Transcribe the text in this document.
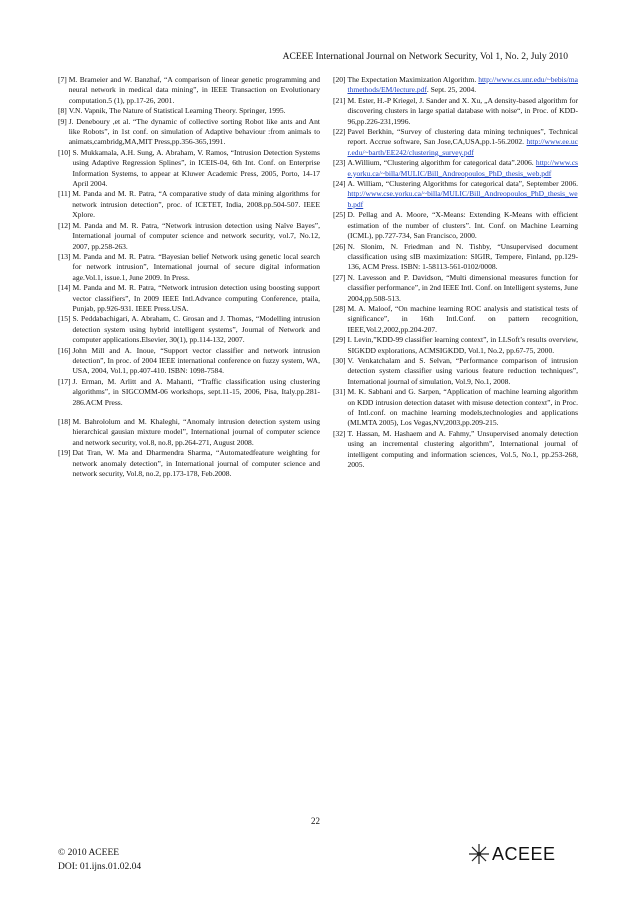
ACEEE International Journal on Network Security, Vol 1, No. 2, July 2010
[7] M. Brameier and W. Banzhaf, “A comparison of linear genetic programming and neural network in medical data mining”, in IEEE Transaction on Evolutionary computation.5 (1), pp.17-26, 2001.
[8] V.N. Vapnik, The Nature of Statistical Learning Theory. Springer, 1995.
[9] J. Deneboury ,et al. “The dynamic of collective sorting Robot like ants and Ant like Robots”, in 1st conf. on simulation of Adaptive behaviour :from animals to animats,cambridg,MA,MIT Press,pp.356-365,1991.
[10] S. Mukkamala, A.H. Sung, A. Abraham, V. Ramos, “Intrusion Detection Systems using Adaptive Regression Splines”, in ICEIS-04, 6th Int. Conf. on Enterprise Information Systems, to appear at Kluwer Academic Press, 2005, Porto, 14-17 April 2004.
[11] M. Panda and M. R. Patra, “A comparative study of data mining algorithms for network intrusion detection”, proc. of ICETET, India, 2008.pp.504-507. IEEE Xplore.
[12] M. Panda and M. R. Patra, “Network intrusion detection using Naïve Bayes”, International journal of computer science and network security, vol.7, No.12, 2007, pp.258-263.
[13] M. Panda and M. R. Patra. “Bayesian belief Network using genetic local search for network intrusion”, International journal of secure digital information age.Vol.1, issue.1, June 2009. In Press.
[14] M. Panda and M. R. Patra, “Network intrusion detection using boosting support vector classifiers”, In 2009 IEEE Intl.Advance computing Conference, ptaila, Punjab, pp.926-931. IEEE Press.USA.
[15] S. Peddabachigari, A. Abraham, C. Grosan and J. Thomas, “Modelling intrusion detection system using hybrid intelligent systems”, Journal of Network and computer applications.Elsevier, 30(1), pp.114-132, 2007.
[16] John Mill and A. Inoue, “Support vector classifier and network intrusion detection”, In proc. of 2004 IEEE international conference on fuzzy system, WA, USA, 2004, Vol.1, pp.407-410. ISBN: 1098-7584.
[17] J. Erman, M. Arlitt and A. Mahanti, “Traffic classification using clustering algorithms”, in SIGCOMM-06 workshops, sept.11-15, 2006, Pisa, Italy.pp.281-286.ACM Press.
[18] M. Bahrololum and M. Khaleghi, “Anomaly intrusion detection system using hierarchical gausian mixture model”, International journal of computer science and network security, vol.8, no.8, pp.264-271, August 2008.
[19] Dat Tran, W. Ma and Dharmendra Sharma, “Automatedfeature weighting for network anomaly detection”, in International journal of computer science and network security, Vol.8, no.2, pp.173-178, Feb.2008.
[20] The Expectation Maximization Algorithm. http://www.cs.unr.edu/~bebis/mathmethods/EM/lecture.pdf. Sept. 25, 2004.
[21] M. Ester, H.-P Kriegel, J. Sander and X. Xu, „A density-based algorithm for discovering clusters in large spatial database with noise“, in Proc. of KDD-96,pp.226-231,1996.
[22] Pavel Berkhin, “Survey of clustering data mining techniques”, Technical report. Accrue software, San Jose,CA,USA,pp.1-56.2002. http://www.ee.ucr.edu/~barth/EE242/clustering_survey.pdf
[23] A.Willium, “Clustering algorithm for categorical data”.2006. http://www.cse.yorku.ca/~billa/MULIC/Bill_Andreopoulos_PhD_thesis_web.pdf
[24] A. William, “Clustering Algorithms for categorical data”, September 2006. http://www.cse.yorku.ca/~billa/MULIC/Bill_Andreopoulos_PhD_thesis_web.pdf
[25] D. Pellag and A. Moore, “X-Means: Extending K-Means with efficient estimation of the number of clusters”. Int. Conf. on Machine Learning (ICML), pp.727-734, San Francisco, 2000.
[26] N. Slonim, N. Friedman and N. Tishby, “Unsupervised document classification using sIB maximization: SIGIR, Tempere, Finland, pp.129-136, ACM Press. ISBN: 1-58113-561-0102/0008.
[27] N. Lavesson and P. Davidson, “Multi dimensional measures function for classifier performance”, in 2nd IEEE Intl. Conf. on Intelligent systems, June 2004,pp.508-513.
[28] M. A. Maloof, “On machine learning ROC analysis and statistical tests of significance”, in 16th Intl.Conf. on pattern recognition, IEEE,Vol.2,2002,pp.204-207.
[29] I. Levin,”KDD-99 classifier learning context”, in LLSoft’s results overview, SIGKDD explorations, ACMSIGKDD, Vol.1, No.2, pp.67-75, 2000.
[30] V. Venkatchalam and S. Selvan, “Performance comparison of intrusion detection system classifier using various feature reduction techniques”, International journal of simulation, Vol.9, No.1, 2008.
[31] M. K. Sabhani and G. Sarpen, “Application of machine learning algorithm on KDD intrusion detection dataset with misuse detection context”, in Proc. of Intl.conf. on machine learning models,technologies and applications (MLMTA 2005), Los Vegas,NV,2003,pp.209-215.
[32] T. Hassan, M. Hashaem and A. Fahmy,” Unsupervised anomaly detection using an incremental clustering algorithm”, International journal of intelligent computing and information sciences, Vol.5, No.1, pp.253-268, 2005.
22
© 2010 ACEEE
DOI: 01.ijns.01.02.04
ACEEE
